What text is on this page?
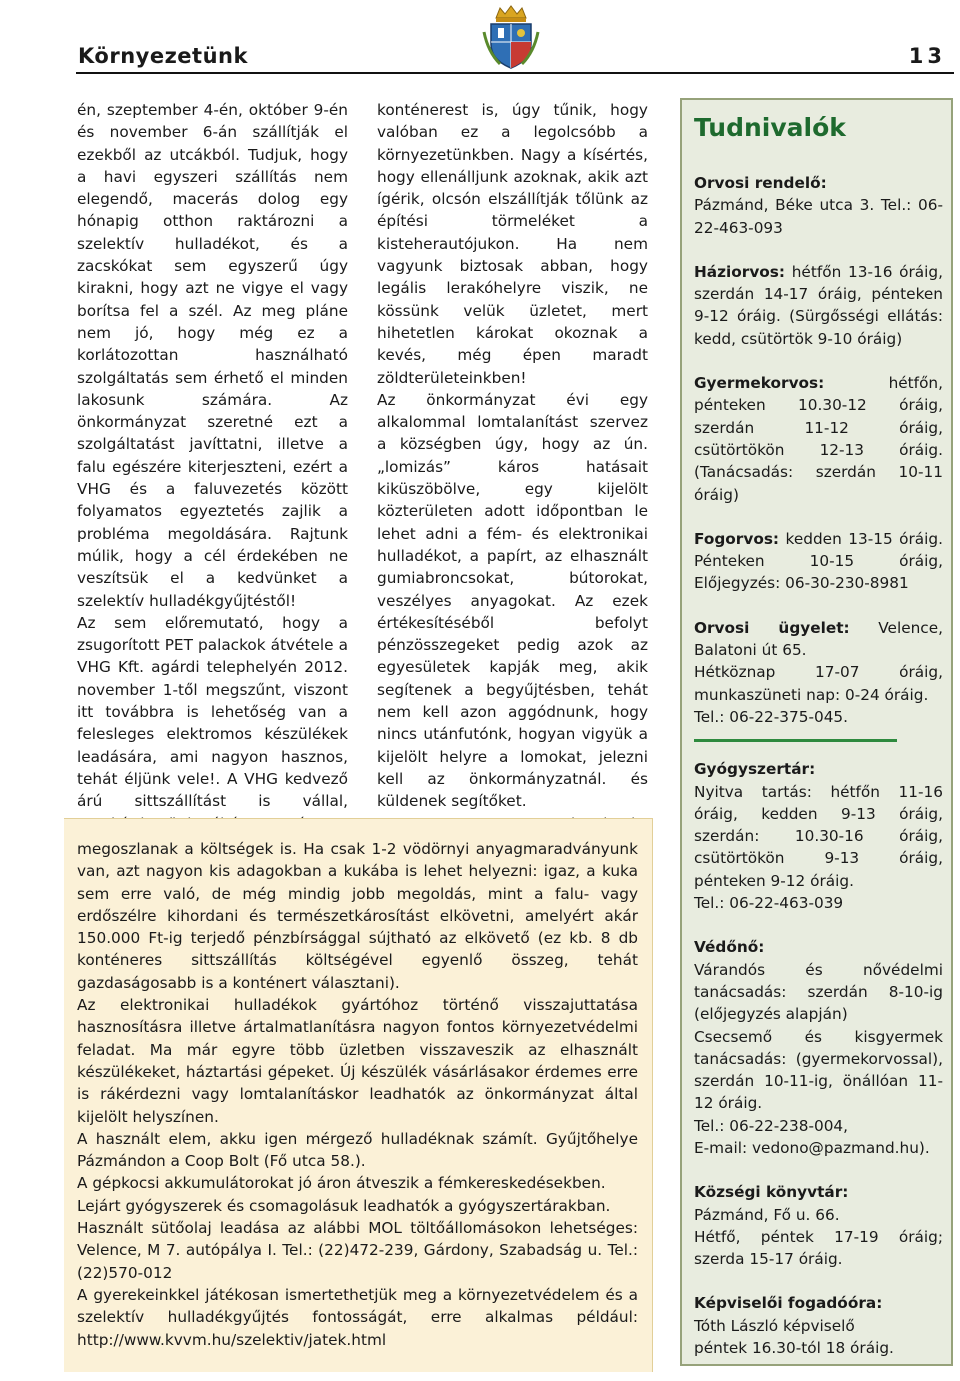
Környezetünk	13

én, szeptember 4-én, október 9-én és november 6-án szállítják el ezekből az utcákból. Tudjuk, hogy a havi egyszeri szállítás nem elegendő, macerás dolog egy hónapig otthon raktározni a szelektív hulladékot, és a zacskókat sem egyszerű úgy kirakni, hogy azt ne vigye el vagy borítsa fel a szél. Az meg pláne nem jó, hogy még ez a korlátozottan használható szolgáltatás sem érhető el minden lakosunk számára. Az önkormányzat szeretné ezt a szolgáltatást javíttatni, illetve a falu egészére kiterjeszteni, ezért a VHG és a faluvezetés között folyamatos egyeztetés zajlik a probléma megoldására. Rajtunk múlik, hogy a cél érdekében ne veszítsük el a kedvünket a szelektív hulladékgyűjtéstől!

Az sem előremutató, hogy a zsugorított PET palackok átvétele a VHG Kft. agárdi telephelyén 2012. november 1-től megszűnt, viszont itt továbbra is lehetőség van a felesleges elektromos készülékek leadására, ami nagyon hasznos, tehát éljünk vele!. A VHG kedvező árú sittszállítást is vállal,

konténerest is, úgy tűnik, hogy valóban ez a legolcsóbb a környezetünkben. Nagy a kísértés, hogy ellenálljunk azoknak, akik azt ígérik, olcsón elszállítják tőlünk az építési törmeléket a kisteherautójukon. Ha nem vagyunk biztosak abban, hogy legális lerakóhelyre viszik, ne kössünk velük üzletet, mert hihetetlen károkat okoznak a kevés, még épen maradt zöldterületeinkben!

Az önkormányzat évi egy alkalommal lomtalanítást szervez a községben úgy, hogy az ún. „lomizás” káros hatásait kiküszöbölve, egy kijelölt közterületen adott időpontban le lehet adni a fém- és elektronikai hulladékot, a papírt, az elhasznált gumiabroncsokat, bútorokat, veszélyes anyagokat. Az ezek értékesítéséből befolyt pénzösszegeket pedig azok az egyesületek kapják meg, akik segítenek a begyűjtésben, tehát nem kell azon aggódnunk, hogy nincs utánfutónk, hogyan vigyük a kijelölt helyre a lomokat, jelezni kell az önkormányzatnál. és küldenek segítőket.

megoszlanak a költségek is. Ha csak 1-2 vödörnyi anyagmaradványunk van, azt nagyon kis adagokban a kukába is lehet helyezni: igaz, a kuka sem erre való, de még mindig jobb megoldás, mint a falu- vagy erdőszélre kihordani és természetkárosítást elkövetni, amelyért akár 150.000 Ft-ig terjedő pénzbírsággal sújtható az elkövető (ez kb. 8 db konténeres sittszállítás költségével egyenlő összeg, tehát gazdaságosabb is a konténert választani).

Az elektronikai hulladékok gyártóhoz történő visszajuttatása hasznosításra illetve ártalmatlanításra nagyon fontos környezetvédelmi feladat. Ma már egyre több üzletben visszaveszik az elhasznált készülékeket, háztartási gépeket. Új készülék vásárlásakor érdemes erre is rákérdezni vagy lomtalanításkor leadhatók az önkormányzat által kijelölt helyszínen.

A használt elem, akku igen mérgező hulladéknak számít. Gyűjtőhelye Pázmándon a Coop Bolt (Fő utca 58.).

A gépkocsi akkumulátorokat jó áron átveszik a fémkereskedésekben.

Lejárt gyógyszerek és csomagolásuk leadhatók a gyógyszertárakban.

Használt sütőolaj leadása az alábbi MOL töltőállomásokon lehetséges: Velence, M 7. autópálya I. Tel.: (22)472-239, Gárdony, Szabadság u. Tel.:(22)570-012

A gyerekeinkkel játékosan ismertethetjük meg a környezetvédelem és a szelektív hulladékgyűjtés fontosságát, erre alkalmas például: http://www.kvvm.hu/szelektiv/jatek.html

Tudnivalók

Orvosi rendelő:

Pázmánd, Béke utca 3. Tel.: 06-22-463-093

Háziorvos: hétfőn 13-16 óráig, szerdán 14-17 óráig, pénteken 9-12 óráig. (Sürgősségi ellátás: kedd, csütörtök 9-10 óráig)

Gyermekorvos: hétfőn, pénteken 10.30-12 óráig, szerdán 11-12 óráig, csütörtökön 12-13 óráig. (Tanácsadás: szerdán 10-11 óráig)

Fogorvos: kedden 13-15 óráig. Pénteken 10-15 óráig, Előjegyzés: 06-30-230-8981

Orvosi ügyelet: Velence, Balatoni út 65.

Hétköznap 17-07 óráig, munkaszüneti nap: 0-24 óráig.

Tel.: 06-22-375-045.

Gyógyszertár:

Nyitva tartás: hétfőn 11-16 óráig, kedden 9-13 óráig, szerdán: 10.30-16 óráig, csütörtökön 9-13 óráig, pénteken 9-12 óráig.

Tel.: 06-22-463-039

Védőnő:

Várandós és nővédelmi tanácsadás: szerdán 8-10-ig (előjegyzés alapján)

Csecsemő és kisgyermek tanácsadás: (gyermekorvossal), szerdán 10-11-ig, önállóan 11-12 óráig.

Tel.: 06-22-238-004,

E-mail: vedono@pazmand.hu).

Községi könyvtár:

Pázmánd, Fő u. 66.

Hétfő, péntek 17-19 óráig; szerda 15-17 óráig.

Képviselői fogadóóra:

Tóth László képviselő

péntek 16.30-tól 18 óráig.
